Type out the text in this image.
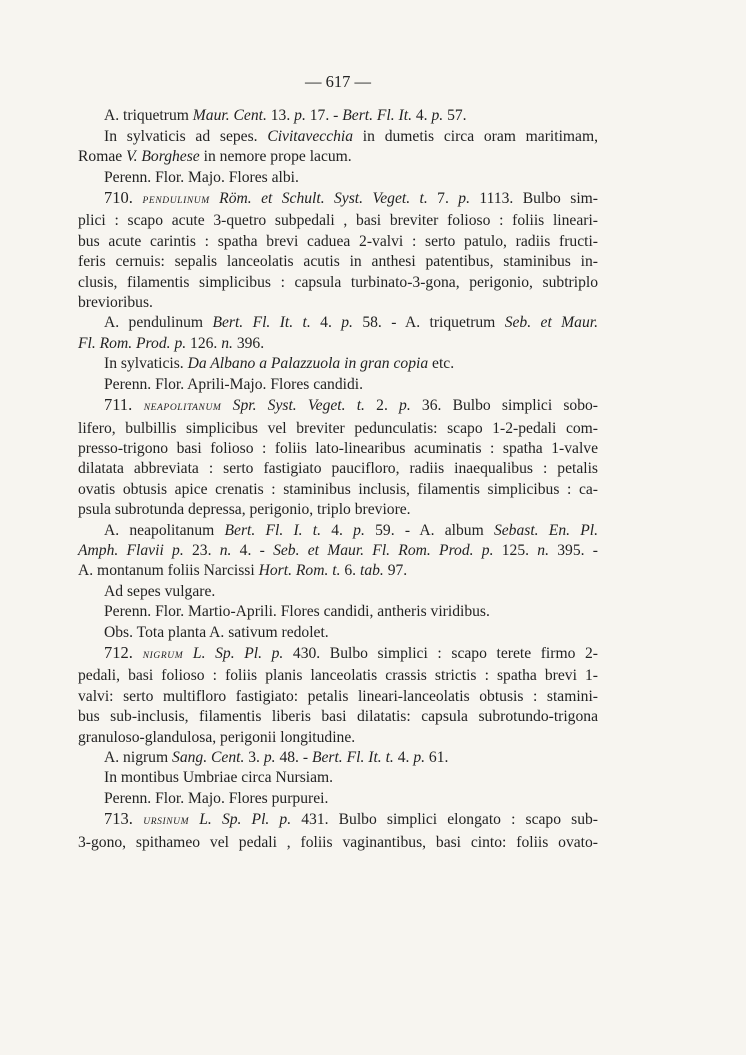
— 617 —
A. triquetrum Maur. Cent. 13. p. 17. - Bert. Fl. It. 4. p. 57.
In sylvaticis ad sepes. Civitavecchia in dumetis circa oram maritimam,
Romae V. Borghese in nemore prope lacum.
Perenn. Flor. Majo. Flores albi.
710. PENDULINUM Röm. et Schult. Syst. Veget. t. 7. p. 1113. Bulbo sim-
plici : scapo acute 3-quetro subpedali , basi breviter folioso : foliis lineari-
bus acute carintis : spatha brevi caduea 2-valvi : serto patulo, radiis fructi-
feris cernuis: sepalis lanceolatis acutis in anthesi patentibus, staminibus in-
clusis, filamentis simplicibus : capsula turbinato-3-gona, perigonio, subtriplo
brevioribus.
A. pendulinum Bert. Fl. It. t. 4. p. 58. - A. triquetrum Seb. et Maur.
Fl. Rom. Prod. p. 126. n. 396.
In sylvaticis. Da Albano a Palazzuola in gran copia etc.
Perenn. Flor. Aprili-Majo. Flores candidi.
711. NEAPOLITANUM Spr. Syst. Veget. t. 2. p. 36. Bulbo simplici sobo-
lifero, bulbillis simplicibus vel breviter pedunculatis: scapo 1-2-pedali com-
presso-trigono basi folioso : foliis lato-linearibus acuminatis : spatha 1-valve
dilatata abbreviata : serto fastigiato paucifloro, radiis inaequalibus : petalis
ovatis obtusis apice crenatis : staminibus inclusis, filamentis simplicibus : ca-
psula subrotunda depressa, perigonio, triplo breviore.
A. neapolitanum Bert. Fl. I. t. 4. p. 59. - A. album Sebast. En. Pl.
Amph. Flavii p. 23. n. 4. - Seb. et Maur. Fl. Rom. Prod. p. 125. n. 395. -
A. montanum foliis Narcissi Hort. Rom. t. 6. tab. 97.
Ad sepes vulgare.
Perenn. Flor. Martio-Aprili. Flores candidi, antheris viridibus.
Obs. Tota planta A. sativum redolet.
712. NIGRUM L. Sp. Pl. p. 430. Bulbo simplici : scapo terete firmo 2-
pedali, basi folioso : foliis planis lanceolatis crassis strictis : spatha brevi 1-
valvi: serto multifloro fastigiato: petalis lineari-lanceolatis obtusis : stamini-
bus sub-inclusis, filamentis liberis basi dilatatis: capsula subrotundo-trigona
granuloso-glandulosa, perigonii longitudine.
A. nigrum Sang. Cent. 3. p. 48. - Bert. Fl. It. t. 4. p. 61.
In montibus Umbriae circa Nursiam.
Perenn. Flor. Majo. Flores purpurei.
713. URSINUM L. Sp. Pl. p. 431. Bulbo simplici elongato : scapo sub-
3-gono, spithameo vel pedali , foliis vaginantibus, basi cinto: foliis ovato-
